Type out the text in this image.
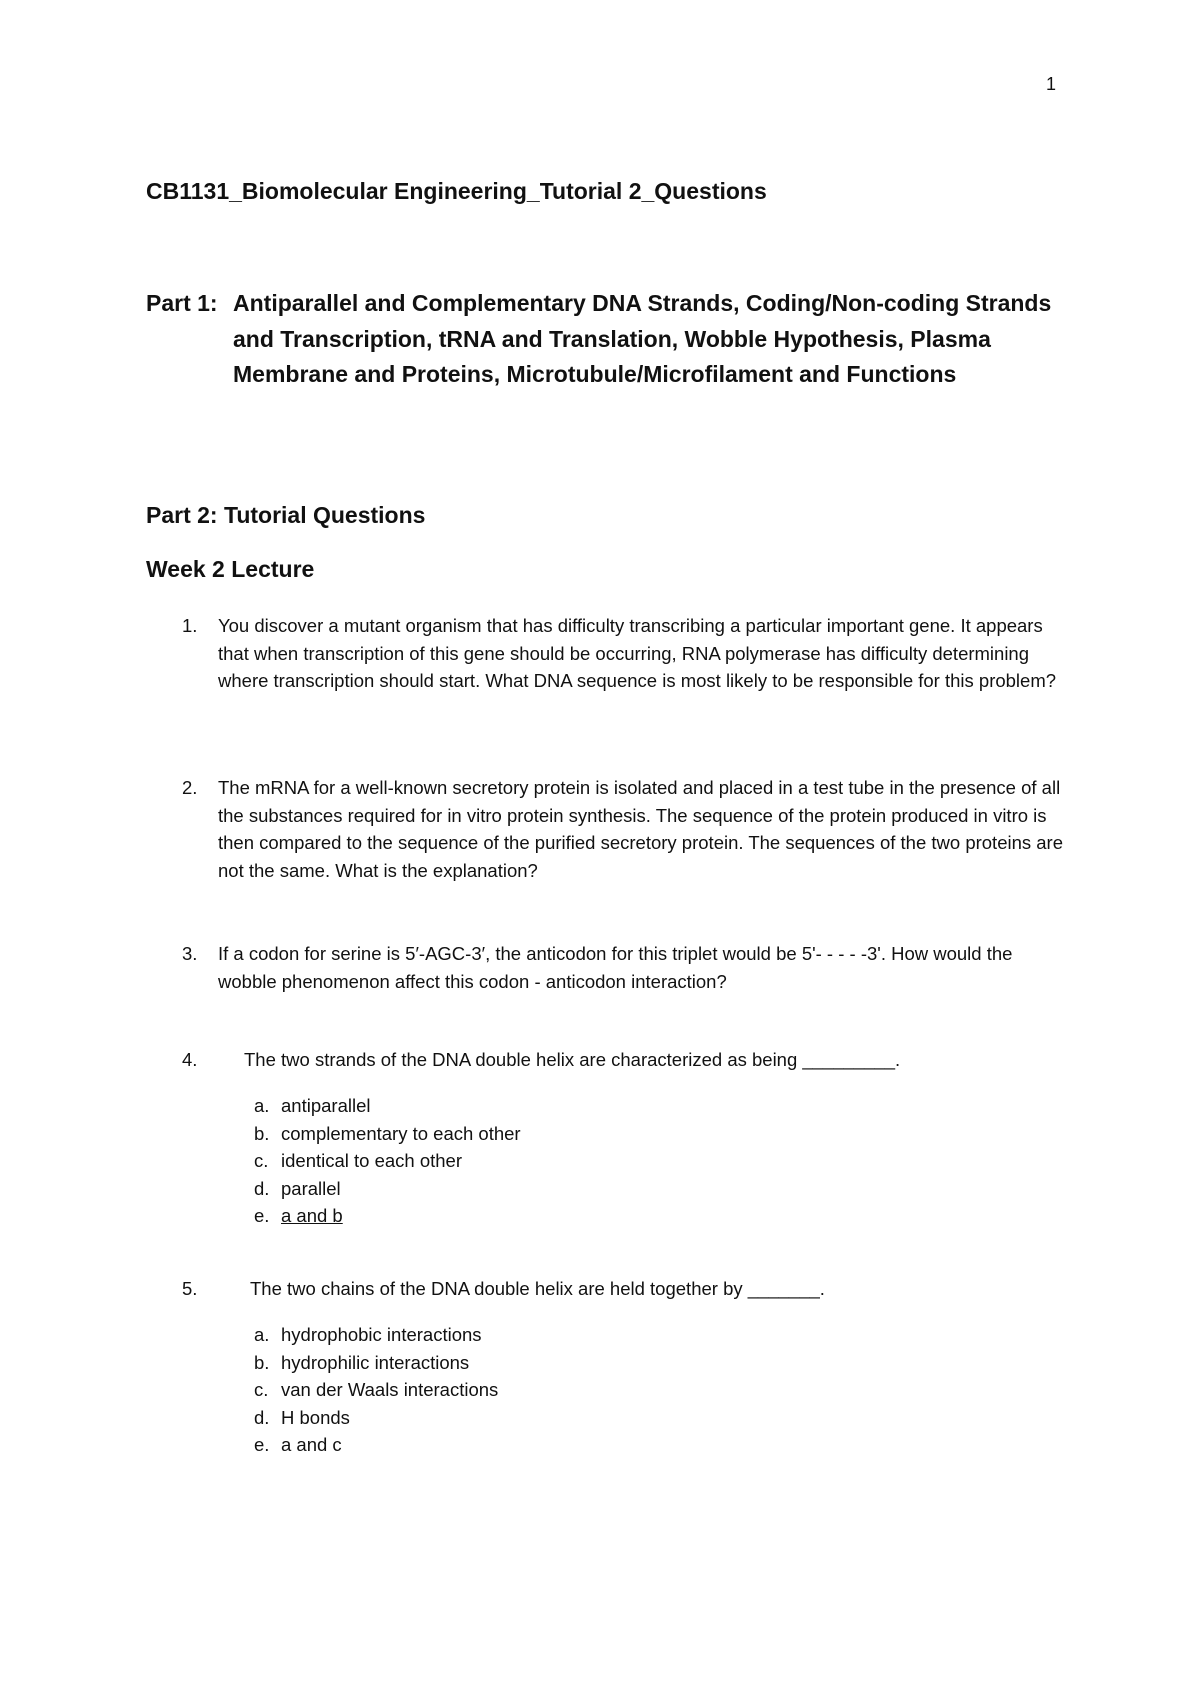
1
CB1131_Biomolecular Engineering_Tutorial 2_Questions
Part 1: Antiparallel and Complementary DNA Strands, Coding/Non-coding Strands and Transcription, tRNA and Translation, Wobble Hypothesis, Plasma Membrane and Proteins, Microtubule/Microfilament and Functions
Part 2: Tutorial Questions
Week 2 Lecture
1. You discover a mutant organism that has difficulty transcribing a particular important gene. It appears that when transcription of this gene should be occurring, RNA polymerase has difficulty determining where transcription should start. What DNA sequence is most likely to be responsible for this problem?
2. The mRNA for a well-known secretory protein is isolated and placed in a test tube in the presence of all the substances required for in vitro protein synthesis. The sequence of the protein produced in vitro is then compared to the sequence of the purified secretory protein. The sequences of the two proteins are not the same. What is the explanation?
3. If a codon for serine is 5′-AGC-3′, the anticodon for this triplet would be 5'- - - - -3'. How would the wobble phenomenon affect this codon - anticodon interaction?
4.	The two strands of the DNA double helix are characterized as being _________.
a. antiparallel
b. complementary to each other
c. identical to each other
d. parallel
e. a and b
5.	The two chains of the DNA double helix are held together by _______.
a. hydrophobic interactions
b. hydrophilic interactions
c. van der Waals interactions
d. H bonds
e. a and c
